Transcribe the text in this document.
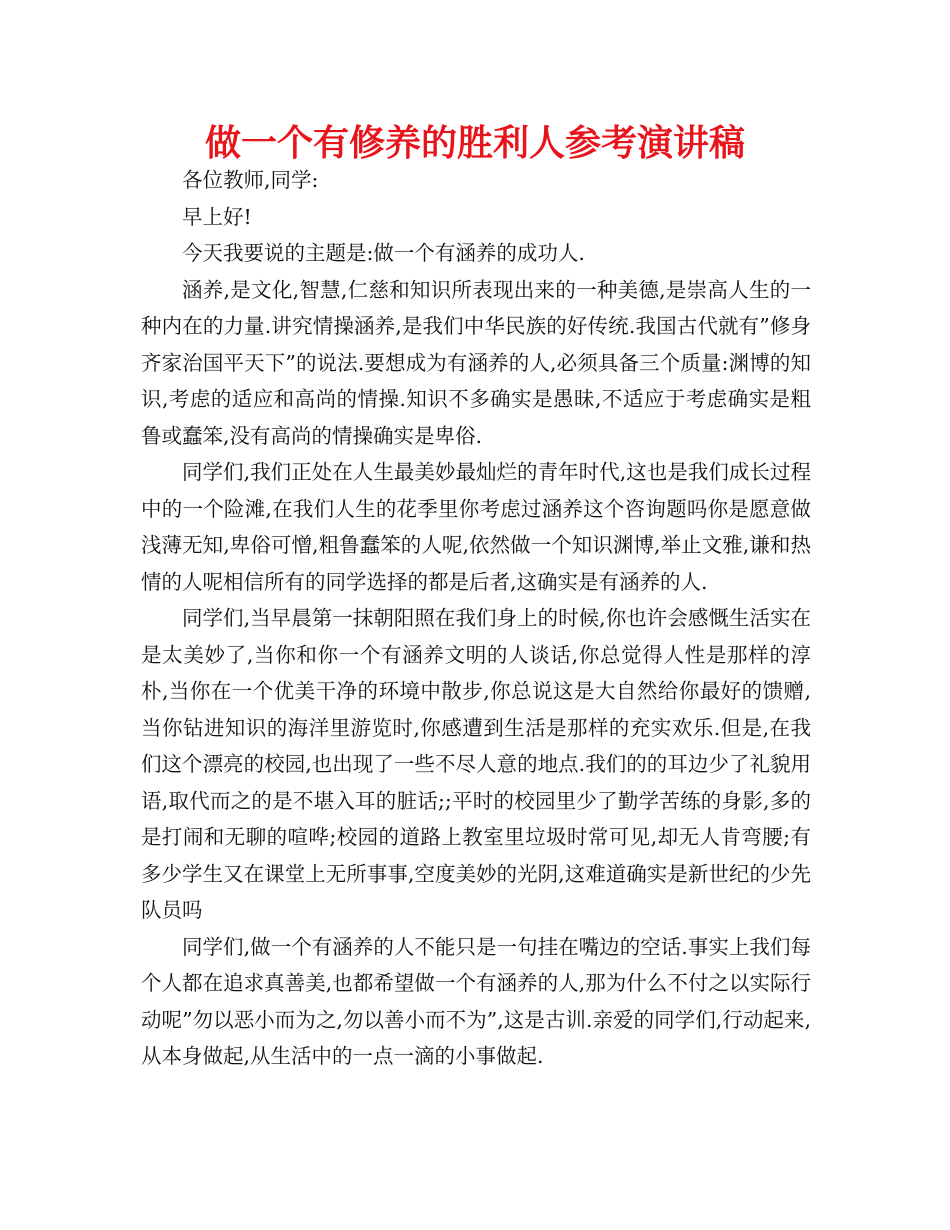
做一个有修养的胜利人参考演讲稿

各位教师,同学:

早上好!

今天我要说的主题是:做一个有涵养的成功人.

涵养,是文化,智慧,仁慈和知识所表现出来的一种美德,是崇高人生的一种内在的力量.讲究情操涵养,是我们中华民族的好传统.我国古代就有”修身齐家治国平天下”的说法.要想成为有涵养的人,必须具备三个质量:渊博的知识,考虑的适应和高尚的情操.知识不多确实是愚昧,不适应于考虑确实是粗鲁或蠢笨,没有高尚的情操确实是卑俗.

同学们,我们正处在人生最美妙最灿烂的青年时代,这也是我们成长过程中的一个险滩,在我们人生的花季里你考虑过涵养这个咨询题吗你是愿意做浅薄无知,卑俗可憎,粗鲁蠢笨的人呢,依然做一个知识渊博,举止文雅,谦和热情的人呢相信所有的同学选择的都是后者,这确实是有涵养的人.

同学们,当早晨第一抹朝阳照在我们身上的时候,你也许会感慨生活实在是太美妙了,当你和你一个有涵养文明的人谈话,你总觉得人性是那样的淳朴,当你在一个优美干净的环境中散步,你总说这是大自然给你最好的馈赠,当你钻进知识的海洋里游览时,你感遭到生活是那样的充实欢乐.但是,在我们这个漂亮的校园,也出现了一些不尽人意的地点.我们的的耳边少了礼貌用语,取代而之的是不堪入耳的脏话;;平时的校园里少了勤学苦练的身影,多的是打闹和无聊的喧哗;校园的道路上教室里垃圾时常可见,却无人肯弯腰;有多少学生又在课堂上无所事事,空度美妙的光阴,这难道确实是新世纪的少先队员吗

同学们,做一个有涵养的人不能只是一句挂在嘴边的空话.事实上我们每个人都在追求真善美,也都希望做一个有涵养的人,那为什么不付之以实际行动呢”勿以恶小而为之,勿以善小而不为”,这是古训.亲爱的同学们,行动起来,从本身做起,从生活中的一点一滴的小事做起.
